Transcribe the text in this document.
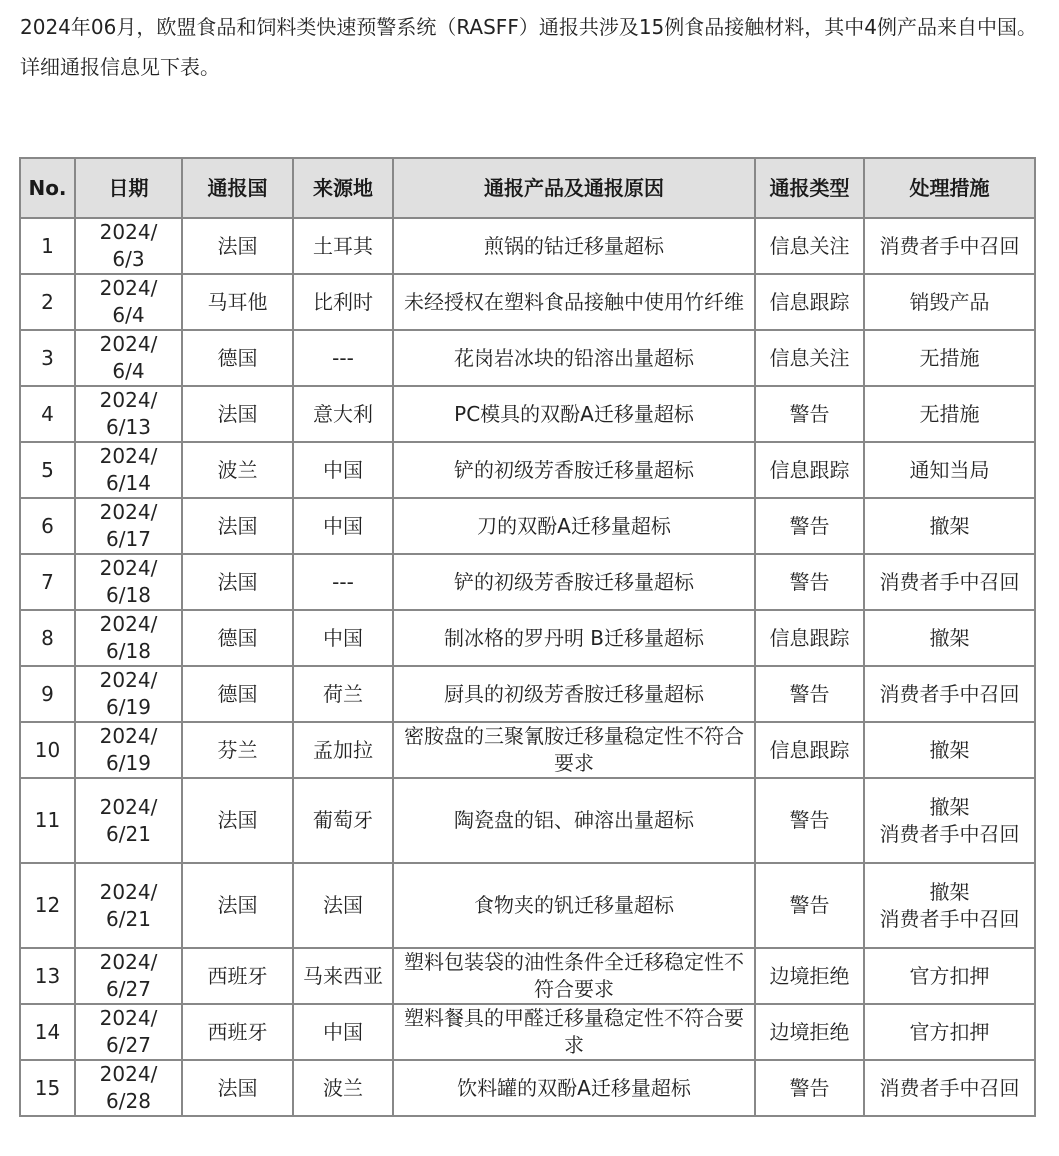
2024年06月，欧盟食品和饲料类快速预警系统（RASFF）通报共涉及15例食品接触材料，其中4例产品来自中国。

详细通报信息见下表。

No.	日期	通报国	来源地	通报产品及通报原因	通报类型	处理措施
1	2024/6/3	法国	土耳其	煎锅的钴迁移量超标	信息关注	消费者手中召回
2	2024/6/4	马耳他	比利时	未经授权在塑料食品接触中使用竹纤维	信息跟踪	销毁产品
3	2024/6/4	德国	---	花岗岩冰块的铅溶出量超标	信息关注	无措施
4	2024/6/13	法国	意大利	PC模具的双酚A迁移量超标	警告	无措施
5	2024/6/14	波兰	中国	铲的初级芳香胺迁移量超标	信息跟踪	通知当局
6	2024/6/17	法国	中国	刀的双酚A迁移量超标	警告	撤架
7	2024/6/18	法国	---	铲的初级芳香胺迁移量超标	警告	消费者手中召回
8	2024/6/18	德国	中国	制冰格的罗丹明 B迁移量超标	信息跟踪	撤架
9	2024/6/19	德国	荷兰	厨具的初级芳香胺迁移量超标	警告	消费者手中召回
10	2024/6/19	芬兰	孟加拉	密胺盘的三聚氰胺迁移量稳定性不符合要求	信息跟踪	撤架
11	2024/6/21	法国	葡萄牙	陶瓷盘的铝、砷溶出量超标	警告	撤架
消费者手中召回

12	2024/6/21	法国	法国	食物夹的钒迁移量超标	警告	撤架
消费者手中召回

13	2024/6/27	西班牙	马来西亚	塑料包装袋的油性条件全迁移稳定性不符合要求	边境拒绝	官方扣押
14	2024/6/27	西班牙	中国	塑料餐具的甲醛迁移量稳定性不符合要求	边境拒绝	官方扣押
15	2024/6/28	法国	波兰	饮料罐的双酚A迁移量超标	警告	消费者手中召回
